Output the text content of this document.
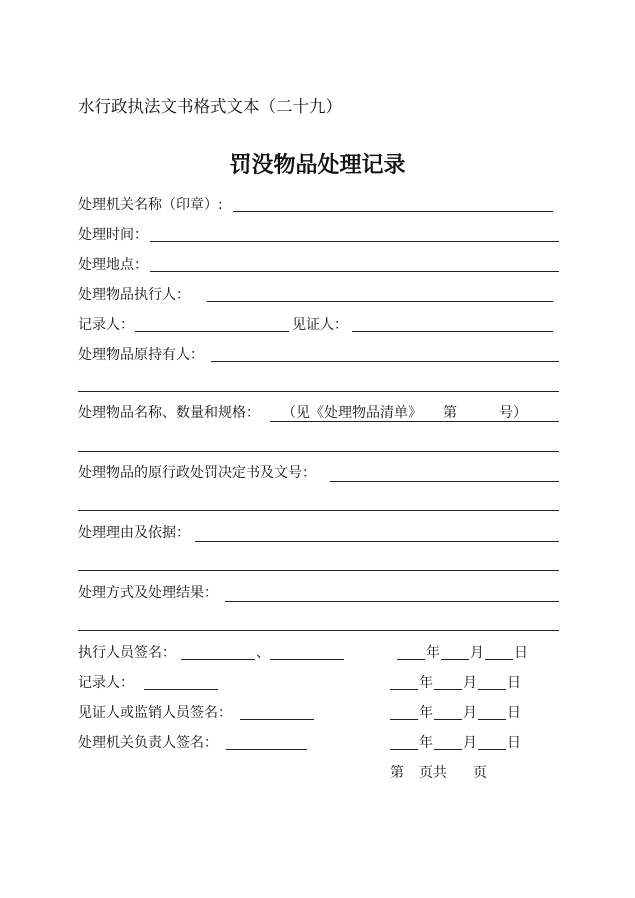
水行政执法文书格式文本（二十九）
罚没物品处理记录
处理机关名称（印章）:
处理时间：
处理地点：
处理物品执行人：
记录人：	见证人：
处理物品原持有人：
处理物品名称、数量和规格： （见《处理物品清单》　　第　　　号）
处理物品的原行政处罚决定书及文号：
处理理由及依据：
处理方式及处理结果：
执行人员签名：	、
记录人：
见证人或监销人员签名：
处理机关负责人签名：
年 月 日
年 月 日
年 月 日
年 月 日
第 页共 页
